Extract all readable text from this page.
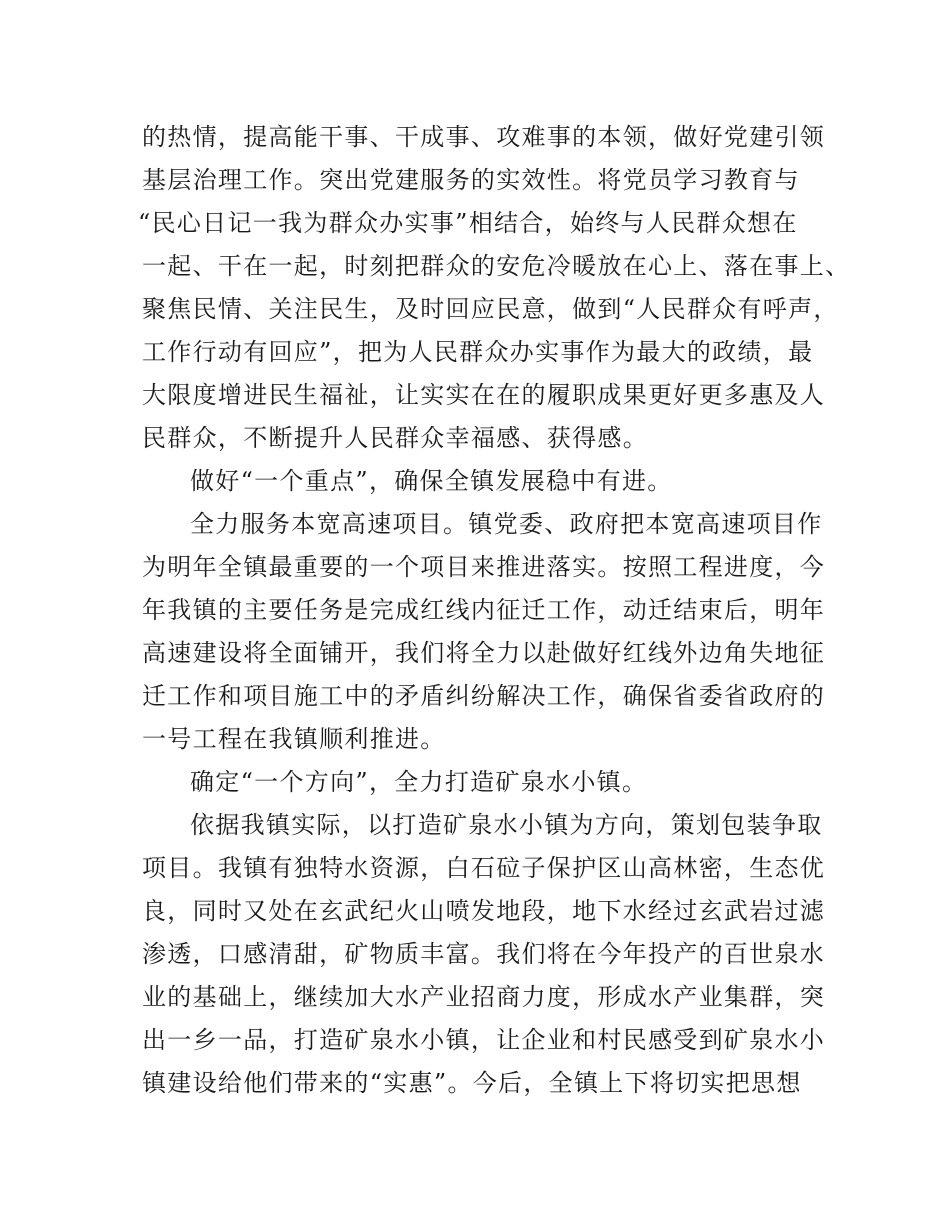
的热情，提高能干事、干成事、攻难事的本领，做好党建引领
基层治理工作。突出党建服务的实效性。将党员学习教育与
“民心日记一我为群众办实事”相结合，始终与人民群众想在
一起、干在一起，时刻把群众的安危冷暖放在心上、落在事上、
聚焦民情、关注民生，及时回应民意，做到“人民群众有呼声，
工作行动有回应”，把为人民群众办实事作为最大的政绩，最
大限度增进民生福祉，让实实在在的履职成果更好更多惠及人
民群众，不断提升人民群众幸福感、获得感。
做好“一个重点”，确保全镇发展稳中有进。
全力服务本宽高速项目。镇党委、政府把本宽高速项目作
为明年全镇最重要的一个项目来推进落实。按照工程进度，今
年我镇的主要任务是完成红线内征迁工作，动迁结束后，明年
高速建设将全面铺开，我们将全力以赴做好红线外边角失地征
迁工作和项目施工中的矛盾纠纷解决工作，确保省委省政府的
一号工程在我镇顺利推进。
确定“一个方向”，全力打造矿泉水小镇。
依据我镇实际，以打造矿泉水小镇为方向，策划包装争取
项目。我镇有独特水资源，白石砬子保护区山高林密，生态优
良，同时又处在玄武纪火山喷发地段，地下水经过玄武岩过滤
渗透，口感清甜，矿物质丰富。我们将在今年投产的百世泉水
业的基础上，继续加大水产业招商力度，形成水产业集群，突
出一乡一品，打造矿泉水小镇，让企业和村民感受到矿泉水小
镇建设给他们带来的“实惠”。今后，全镇上下将切实把思想
